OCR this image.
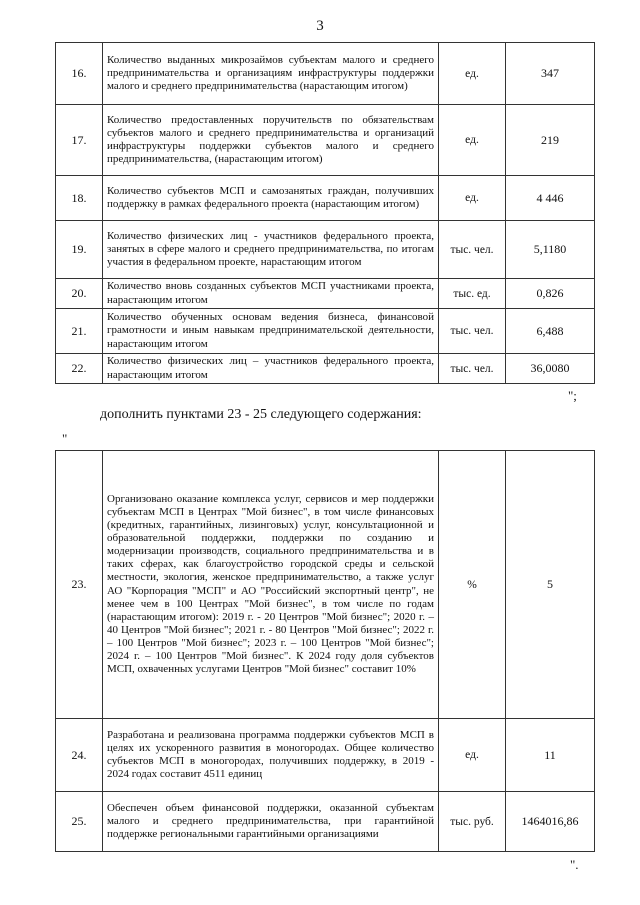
3
16.	Количество выданных микрозаймов субъектам малого и среднего предпринимательства и организациям инфраструктуры поддержки малого и среднего предпринимательства (нарастающим итогом)	ед.	347
17.	Количество предоставленных поручительств по обязательствам субъектов малого и среднего предпринимательства и организаций инфраструктуры поддержки субъектов малого и среднего предпринимательства, (нарастающим итогом)	ед.	219
18.	Количество субъектов МСП и самозанятых граждан, получивших поддержку в рамках федерального проекта (нарастающим итогом)	ед.	4 446
19.	Количество физических лиц - участников федерального проекта, занятых в сфере малого и среднего предпринимательства, по итогам участия в федеральном проекте, нарастающим итогом	тыс. чел.	5,1180
20.	Количество вновь созданных субъектов МСП участниками проекта, нарастающим итогом	тыс. ед.	0,826
21.	Количество обученных основам ведения бизнеса, финансовой грамотности и иным навыкам предпринимательской деятельности, нарастающим итогом	тыс. чел.	6,488
22.	Количество физических лиц – участников федерального проекта, нарастающим итогом	тыс. чел.	36,0080
";
дополнить пунктами 23 - 25 следующего содержания:
"
23.	Организовано оказание комплекса услуг, сервисов и мер поддержки субъектам МСП в Центрах "Мой бизнес", в том числе финансовых (кредитных, гарантийных, лизинговых) услуг, консультационной и образовательной поддержки, поддержки по созданию и модернизации производств, социального предпринимательства и в таких сферах, как благоустройство городской среды и сельской местности, экология, женское предпринимательство, а также услуг АО "Корпорация "МСП" и АО "Российский экспортный центр", не менее чем в 100 Центрах "Мой бизнес", в том числе по годам (нарастающим итогом): 2019 г. - 20 Центров "Мой бизнес"; 2020 г. – 40 Центров "Мой бизнес"; 2021 г. - 80 Центров "Мой бизнес"; 2022 г. – 100 Центров "Мой бизнес"; 2023 г. – 100 Центров "Мой бизнес"; 2024 г. – 100 Центров "Мой бизнес". К 2024 году доля субъектов МСП, охваченных услугами Центров "Мой бизнес" составит 10%	%	5
24.	Разработана и реализована программа поддержки субъектов МСП в целях их ускоренного развития в моногородах. Общее количество субъектов МСП в моногородах, получивших поддержку, в 2019 - 2024 годах составит 4511 единиц	ед.	11
25.	Обеспечен объем финансовой поддержки, оказанной субъектам малого и среднего предпринимательства, при гарантийной поддержке региональными гарантийными организациями	тыс. руб.	1464016,86
".
